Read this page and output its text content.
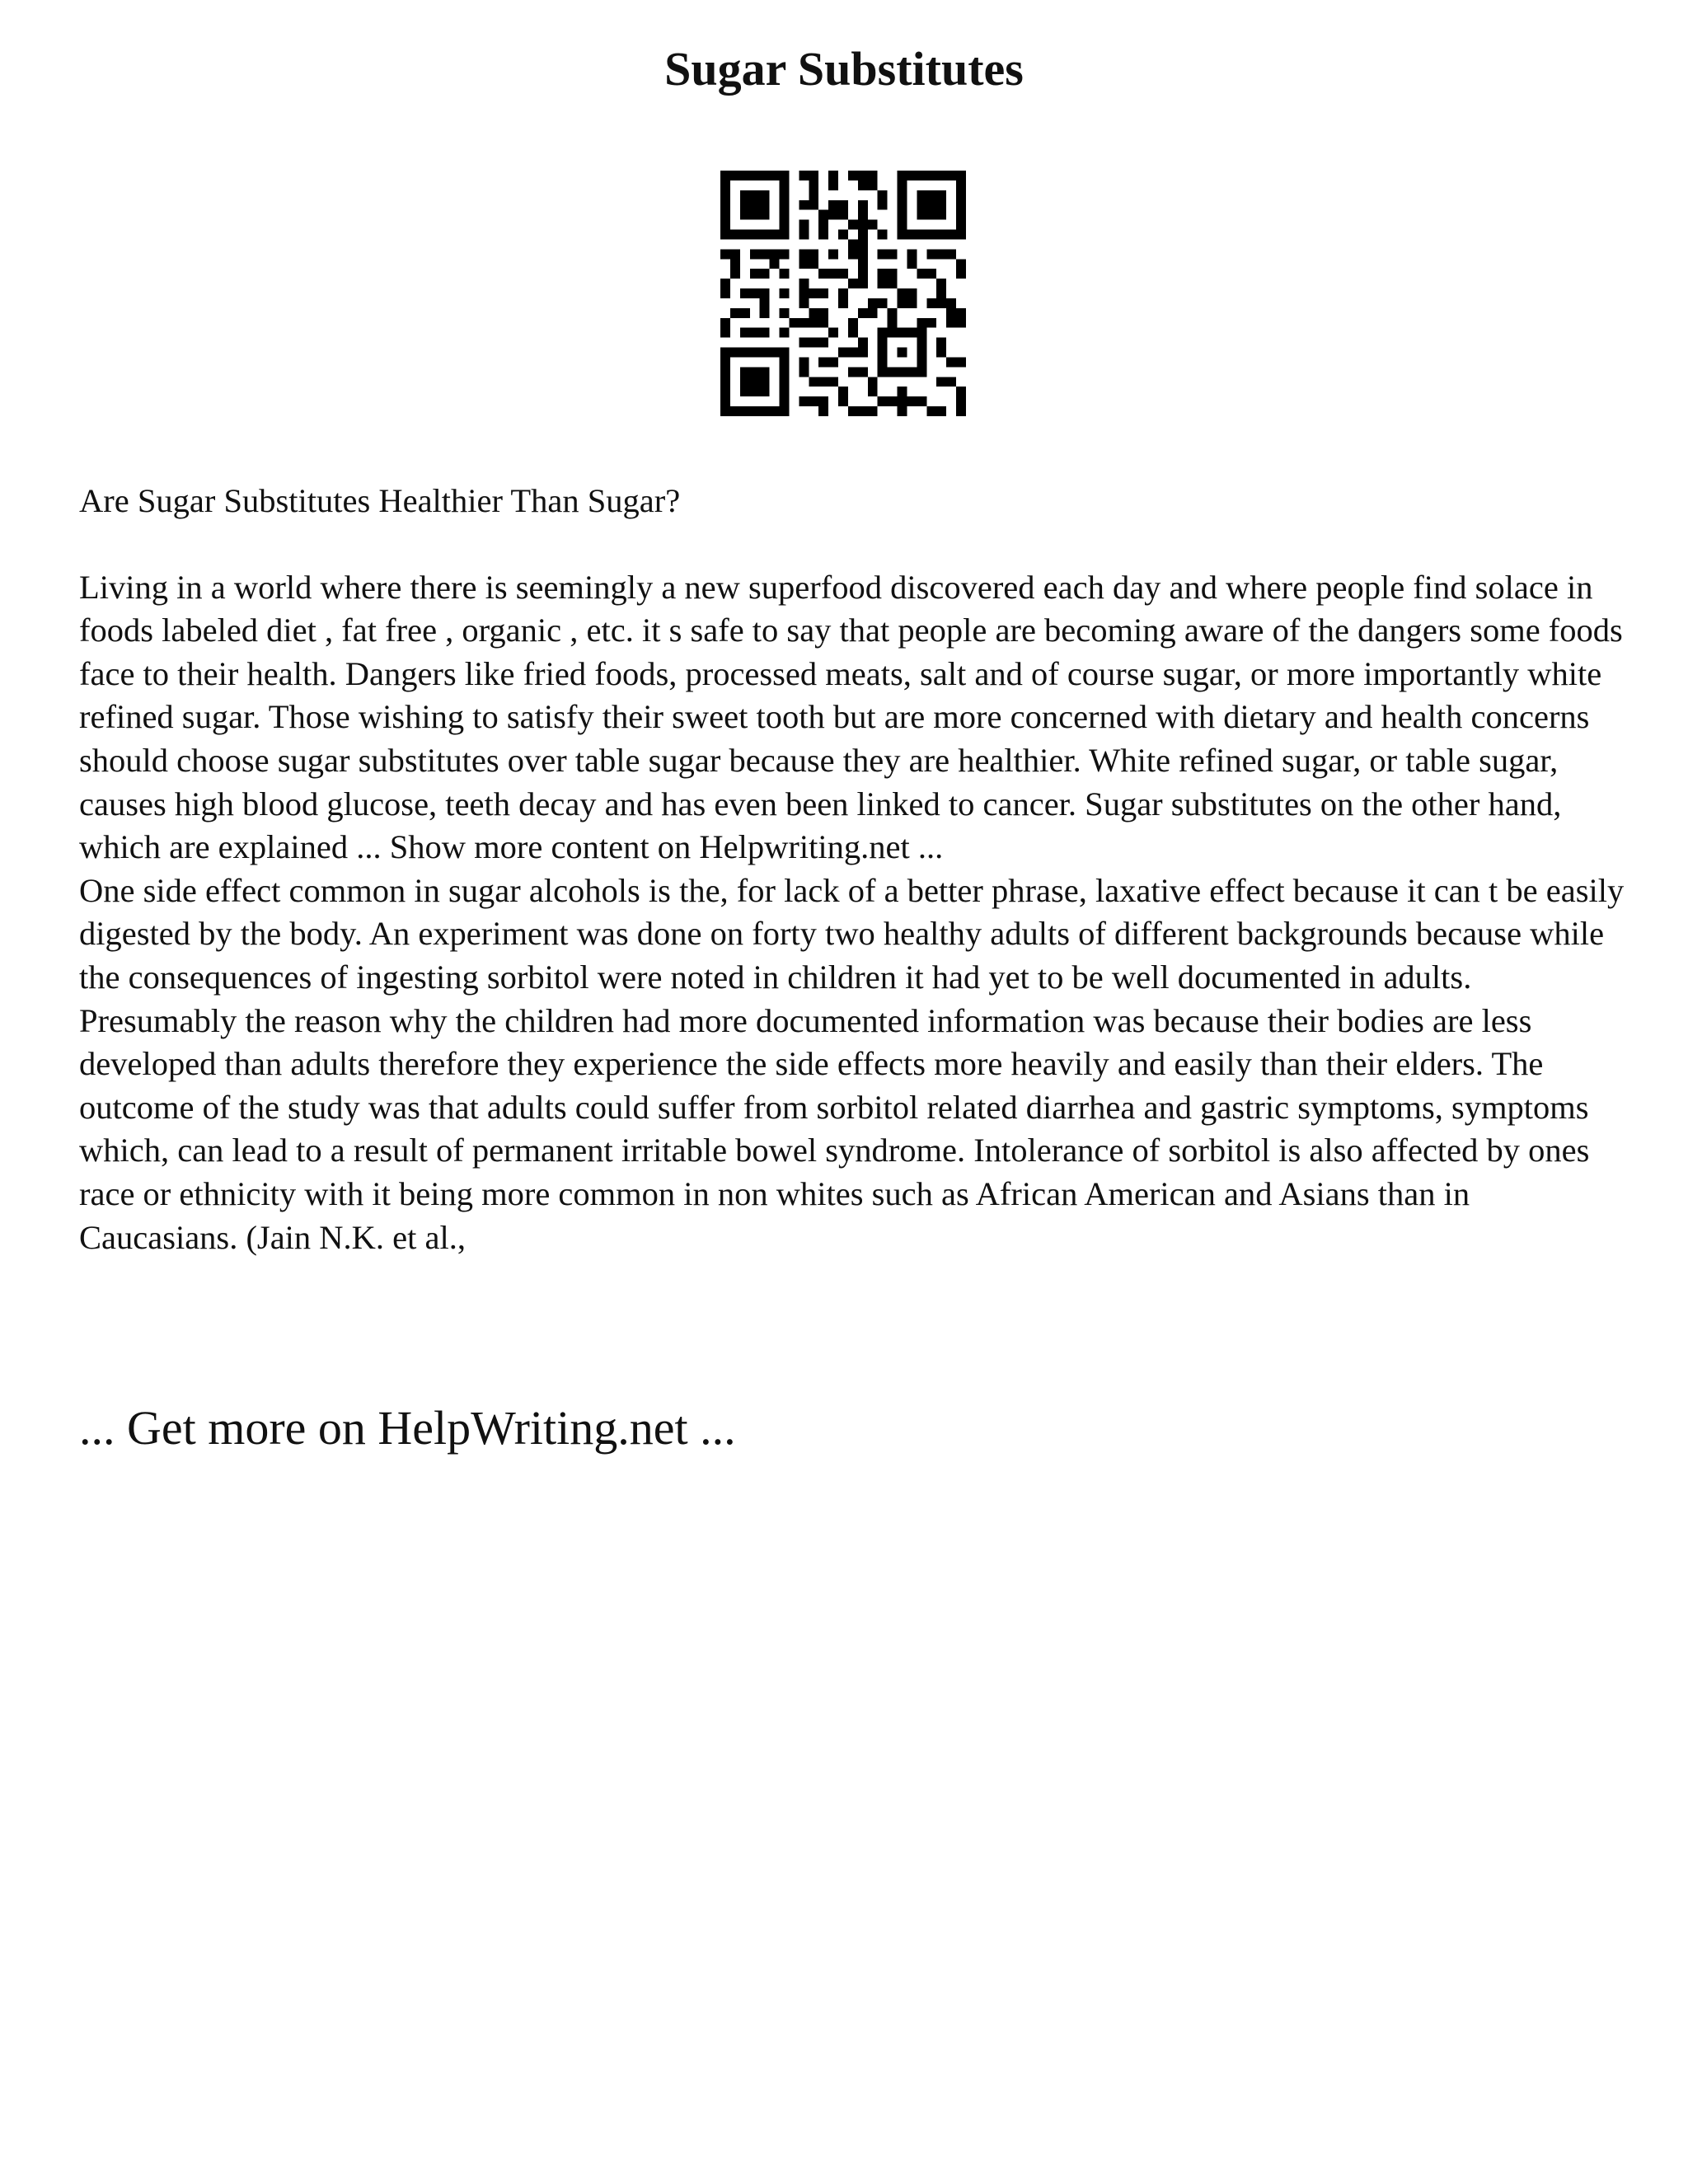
Sugar Substitutes

Are Sugar Substitutes Healthier Than Sugar?

Living in a world where there is seemingly a new superfood discovered each day and where people find solace in foods labeled diet , fat free , organic , etc. it s safe to say that people are becoming aware of the dangers some foods face to their health. Dangers like fried foods, processed meats, salt and of course sugar, or more importantly white refined sugar. Those wishing to satisfy their sweet tooth but are more concerned with dietary and health concerns should choose sugar substitutes over table sugar because they are healthier. White refined sugar, or table sugar, causes high blood glucose, teeth decay and has even been linked to cancer. Sugar substitutes on the other hand, which are explained ... Show more content on Helpwriting.net ...

One side effect common in sugar alcohols is the, for lack of a better phrase, laxative effect because it can t be easily digested by the body. An experiment was done on forty two healthy adults of different backgrounds because while the consequences of ingesting sorbitol were noted in children it had yet to be well documented in adults. Presumably the reason why the children had more documented information was because their bodies are less developed than adults therefore they experience the side effects more heavily and easily than their elders. The outcome of the study was that adults could suffer from sorbitol related diarrhea and gastric symptoms, symptoms which, can lead to a result of permanent irritable bowel syndrome. Intolerance of sorbitol is also affected by ones race or ethnicity with it being more common in non whites such as African American and Asians than in Caucasians. (Jain N.K. et al.,

... Get more on HelpWriting.net ...
